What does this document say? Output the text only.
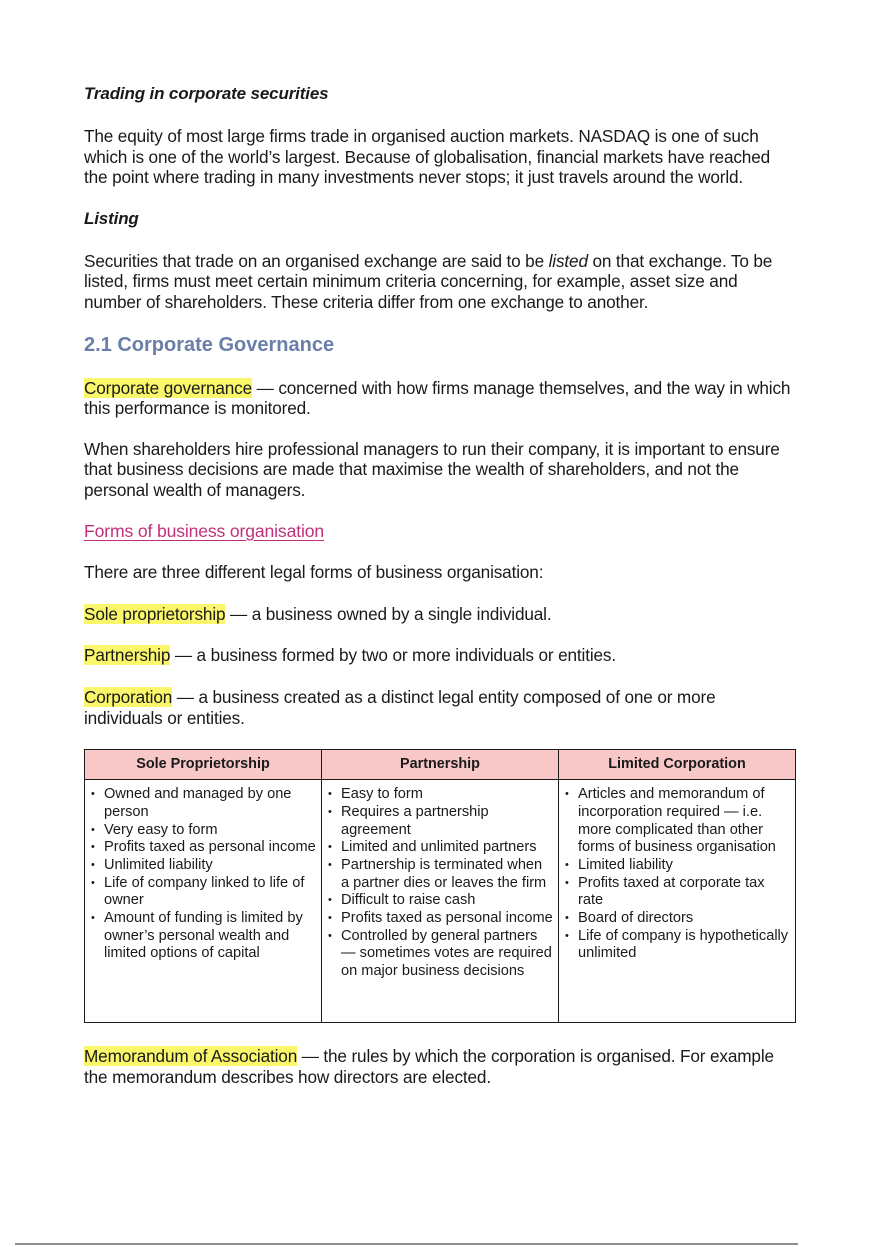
Trading in corporate securities

The equity of most large firms trade in organised auction markets. NASDAQ is one of such which is one of the world’s largest. Because of globalisation, financial markets have reached the point where trading in many investments never stops; it just travels around the world.

Listing

Securities that trade on an organised exchange are said to be listed on that exchange. To be listed, firms must meet certain minimum criteria concerning, for example, asset size and number of shareholders. These criteria differ from one exchange to another.

2.1 Corporate Governance

Corporate governance — concerned with how firms manage themselves, and the way in which this performance is monitored.

When shareholders hire professional managers to run their company, it is important to ensure that business decisions are made that maximise the wealth of shareholders, and not the personal wealth of managers.

Forms of business organisation

There are three different legal forms of business organisation:

Sole proprietorship — a business owned by a single individual.

Partnership — a business formed by two or more individuals or entities.

Corporation — a business created as a distinct legal entity composed of one or more individuals or entities.

Sole Proprietorship	Partnership	Limited Corporation

• Owned and managed by one person
• Very easy to form
• Profits taxed as personal income
• Unlimited liability
• Life of company linked to life of owner
• Amount of funding is limited by owner’s personal wealth and limited options of capital

• Easy to form
• Requires a partnership agreement
• Limited and unlimited partners
• Partnership is terminated when a partner dies or leaves the firm
• Difficult to raise cash
• Profits taxed as personal income
• Controlled by general partners — sometimes votes are required on major business decisions

• Articles and memorandum of incorporation required — i.e. more complicated than other forms of business organisation
• Limited liability
• Profits taxed at corporate tax rate
• Board of directors
• Life of company is hypothetically unlimited

Memorandum of Association — the rules by which the corporation is organised. For example the memorandum describes how directors are elected.
